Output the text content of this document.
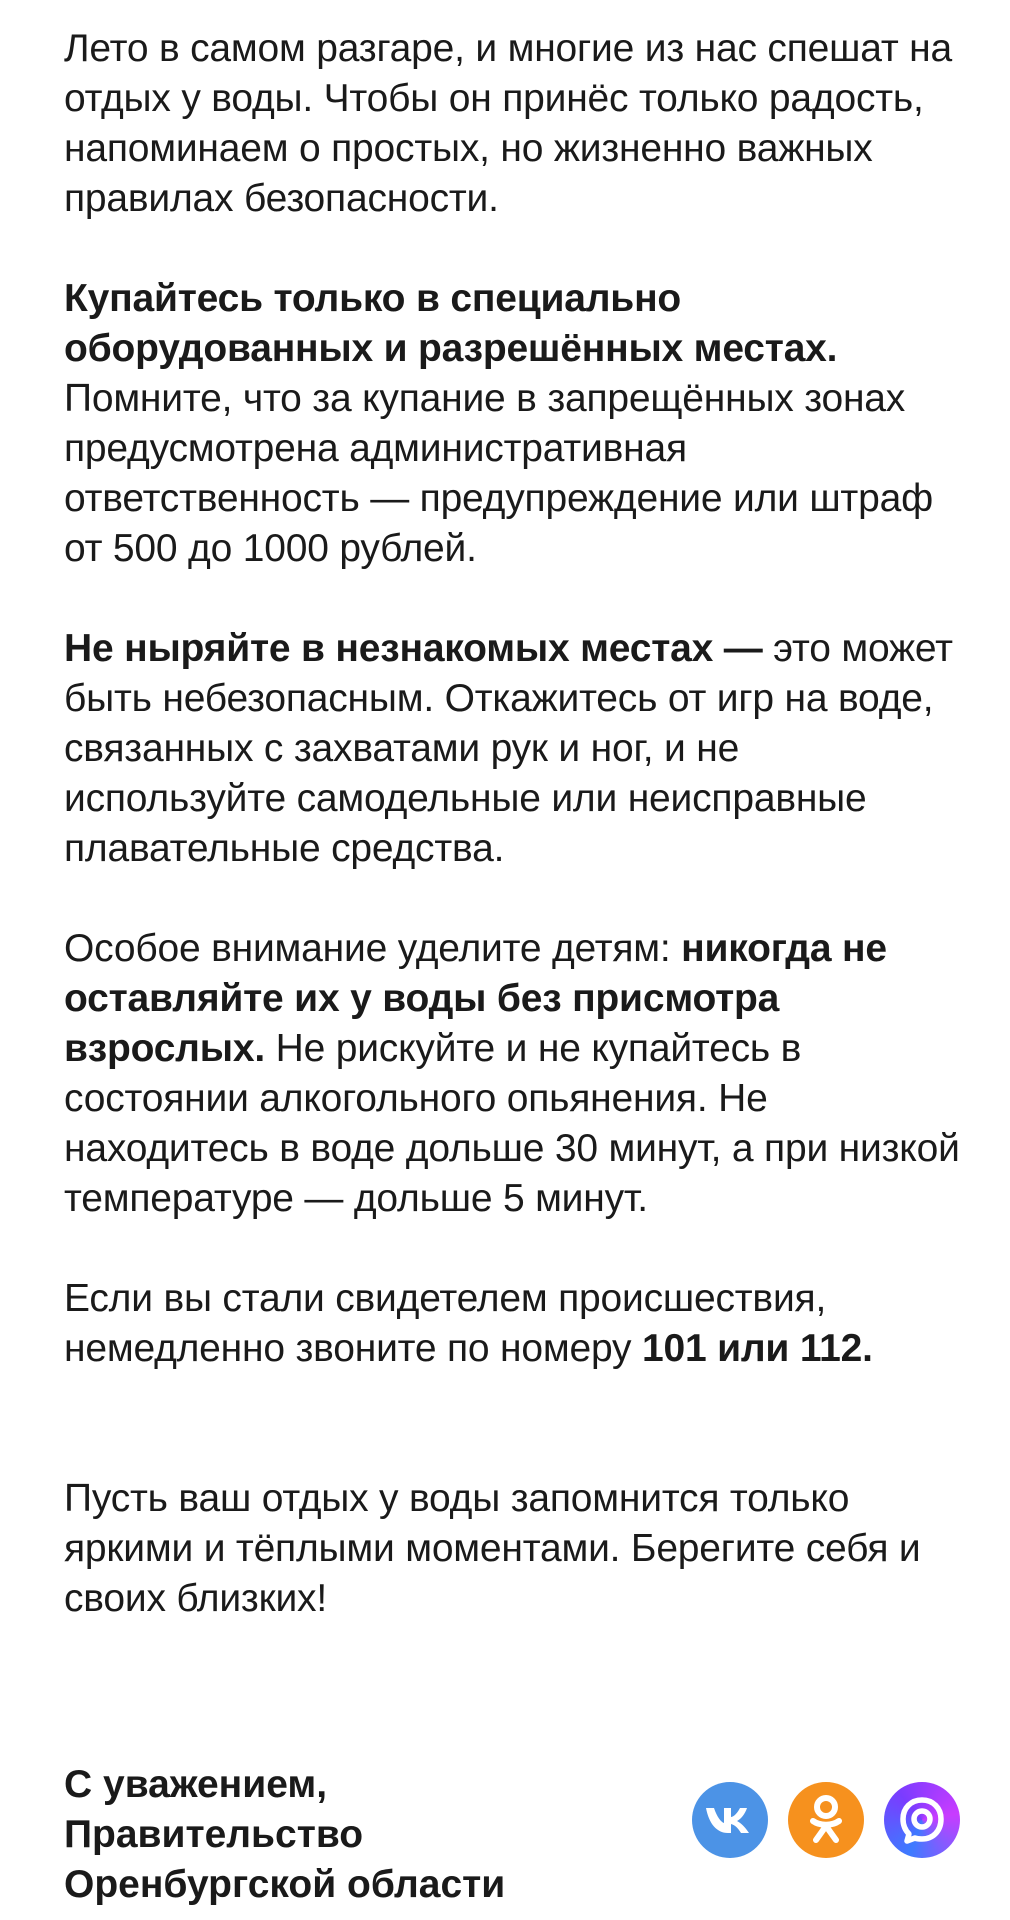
Лето в самом разгаре, и многие из нас спешат на отдых у воды. Чтобы он принёс только радость, напоминаем о простых, но жизненно важных правилах безопасности.

Купайтесь только в специально оборудованных и разрешённых местах. Помните, что за купание в запрещённых зонах предусмотрена административная ответственность — предупреждение или штраф от 500 до 1000 рублей.

Не ныряйте в незнакомых местах — это может быть небезопасным. Откажитесь от игр на воде, связанных с захватами рук и ног, и не используйте самодельные или неисправные плавательные средства.

Особое внимание уделите детям: никогда не оставляйте их у воды без присмотра взрослых. Не рискуйте и не купайтесь в состоянии алкогольного опьянения. Не находитесь в воде дольше 30 минут, а при низкой температуре — дольше 5 минут.

Если вы стали свидетелем происшествия, немедленно звоните по номеру 101 или 112.

Пусть ваш отдых у воды запомнится только яркими и тёплыми моментами. Берегите себя и своих близких!

С уважением,

Правительство

Оренбургской области
